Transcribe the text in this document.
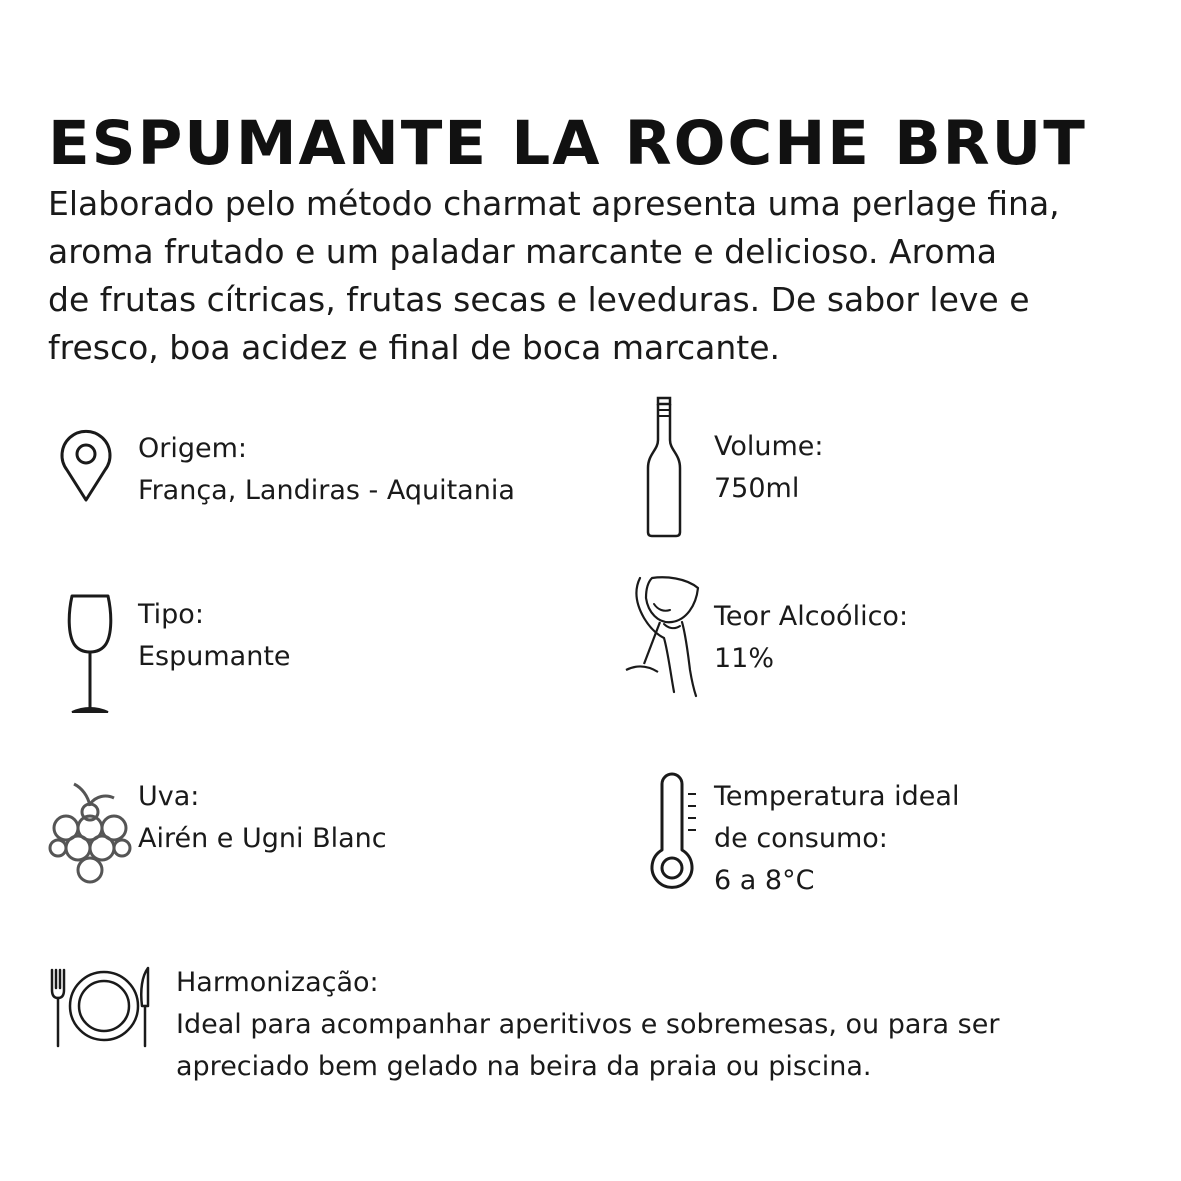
ESPUMANTE LA ROCHE BRUT
Elaborado pelo método charmat apresenta uma perlage fina,
aroma frutado e um paladar marcante e delicioso. Aroma
de frutas cítricas, frutas secas e leveduras. De sabor leve e
fresco, boa acidez e final de boca marcante.
Origem:
França, Landiras - Aquitania
Volume:
750ml
Tipo:
Espumante
Teor Alcoólico:
11%
Uva:
Airén e Ugni Blanc
Temperatura ideal
de consumo:
6 a 8°C
Harmonização:
Ideal para acompanhar aperitivos e sobremesas, ou para ser
apreciado bem gelado na beira da praia ou piscina.
